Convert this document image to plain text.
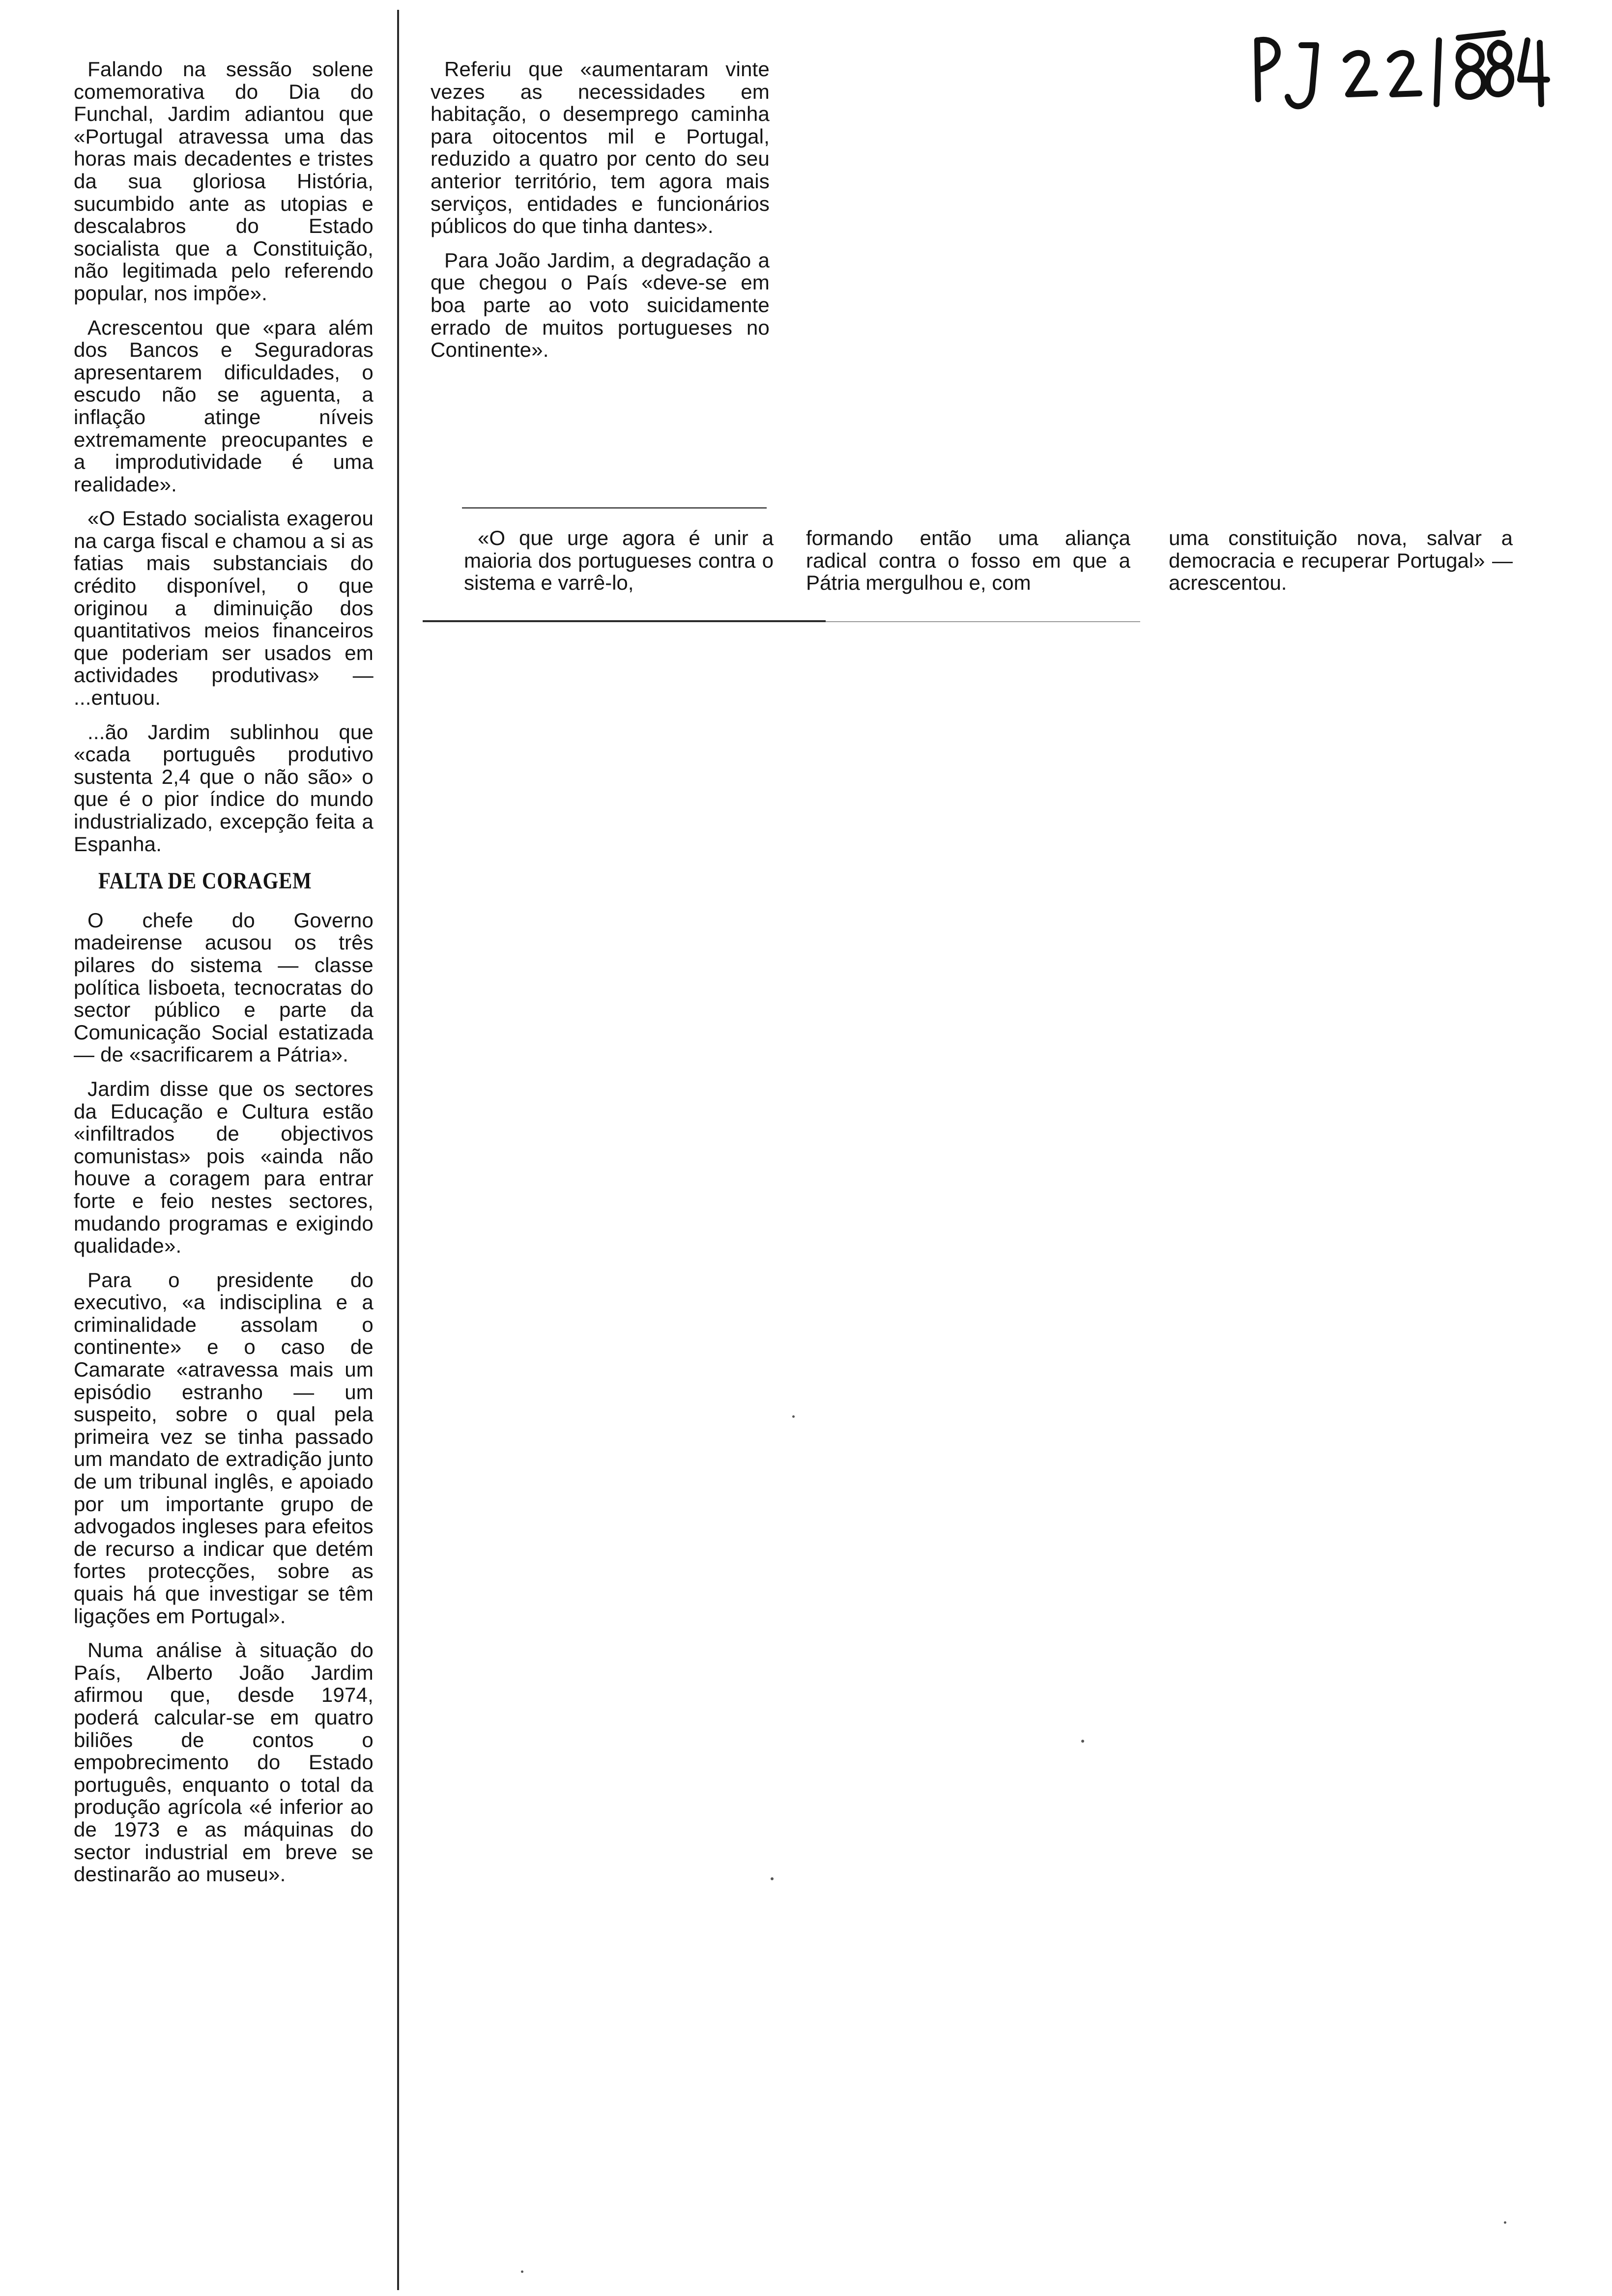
Falando na sessão solene comemorativa do Dia do Funchal, Jardim adiantou que «Portugal atravessa uma das horas mais decadentes e tristes da sua gloriosa História, sucumbido ante as utopias e descalabros do Estado socialista que a Constituição, não legitimada pelo referendo popular, nos impõe».

Acrescentou que «para além dos Bancos e Seguradoras apresentarem dificuldades, o escudo não se aguenta, a inflação atinge níveis extremamente preocupantes e a improdutividade é uma realidade».

«O Estado socialista exagerou na carga fiscal e chamou a si as fatias mais substanciais do crédito disponível, o que originou a diminuição dos quantitativos meios financeiros que poderiam ser usados em actividades produtivas» — ...entuou.

...ão Jardim sublinhou que «cada português produtivo sustenta 2,4 que o não são» o que é o pior índice do mundo industrializado, excepção feita a Espanha.

FALTA DE CORAGEM

O chefe do Governo madeirense acusou os três pilares do sistema — classe política lisboeta, tecnocratas do sector público e parte da Comunicação Social estatizada — de «sacrificarem a Pátria».

Jardim disse que os sectores da Educação e Cultura estão «infiltrados de objectivos comunistas» pois «ainda não houve a coragem para entrar forte e feio nestes sectores, mudando programas e exigindo qualidade».

Para o presidente do executivo, «a indisciplina e a criminalidade assolam o continente» e o caso de Camarate «atravessa mais um episódio estranho — um suspeito, sobre o qual pela primeira vez se tinha passado um mandato de extradição junto de um tribunal inglês, e apoiado por um importante grupo de advogados ingleses para efeitos de recurso a indicar que detém fortes protecções, sobre as quais há que investigar se têm ligações em Portugal».

Numa análise à situação do País, Alberto João Jardim afirmou que, desde 1974, poderá calcular-se em quatro biliões de contos o empobrecimento do Estado português, enquanto o total da produção agrícola «é inferior ao de 1973 e as máquinas do sector industrial em breve se destinarão ao museu».

Referiu que «aumentaram vinte vezes as necessidades em habitação, o desemprego caminha para oitocentos mil e Portugal, reduzido a quatro por cento do seu anterior território, tem agora mais serviços, entidades e funcionários públicos do que tinha dantes».

Para João Jardim, a degradação a que chegou o País «deve-se em boa parte ao voto suicidamente errado de muitos portugueses no Continente».

«O que urge agora é unir a maioria dos portugueses contra o sistema e varrê-lo,

formando então uma aliança radical contra o fosso em que a Pátria mergulhou e, com

uma constituição nova, salvar a democracia e recuperar Portugal» — acrescentou.
